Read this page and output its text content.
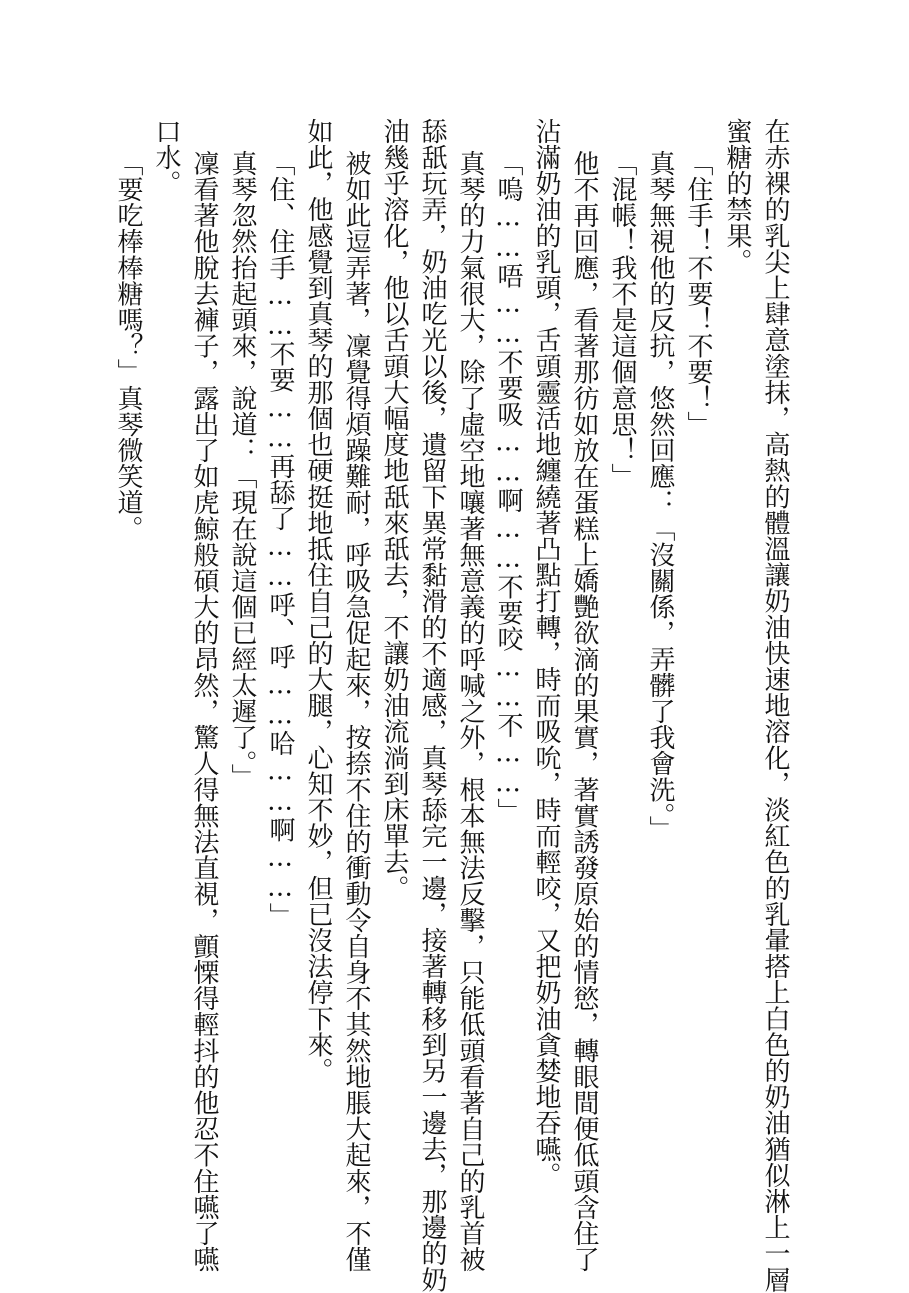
在赤裸的乳尖上肆意塗抹，高熱的體溫讓奶油快速地溶化，淡紅色的乳暈搭上白色的奶油猶似淋上一層
蜜糖的禁果。
「住手！不要！不要！」
真琴無視他的反抗，悠然回應：「沒關係，弄髒了我會洗。」
「混帳！我不是這個意思！」
他不再回應，看著那彷如放在蛋糕上嬌艷欲滴的果實，著實誘發原始的情慾，轉眼間便低頭含住了
沾滿奶油的乳頭，舌頭靈活地纏繞著凸點打轉，時而吸吮，時而輕咬，又把奶油貪婪地吞嚥。
「嗚……唔……不要吸……啊……不要咬……不……」
真琴的力氣很大，除了虛空地嚷著無意義的呼喊之外，根本無法反擊，只能低頭看著自己的乳首被
舔舐玩弄，奶油吃光以後，遺留下異常黏滑的不適感，真琴舔完一邊，接著轉移到另一邊去，那邊的奶
油幾乎溶化，他以舌頭大幅度地舐來舐去，不讓奶油流淌到床單去。
被如此逗弄著，凜覺得煩躁難耐，呼吸急促起來，按捺不住的衝動令自身不其然地脹大起來，不僅
如此，他感覺到真琴的那個也硬挺地抵住自己的大腿，心知不妙，但已沒法停下來。
「住、住手……不要……再舔了……呼、呼……哈……啊……」
真琴忽然抬起頭來，說道：「現在說這個已經太遲了。」
凜看著他脫去褲子，露出了如虎鯨般碩大的昂然，驚人得無法直視，顫慄得輕抖的他忍不住嚥了嚥
口水。
「要吃棒棒糖嗎？」真琴微笑道。
